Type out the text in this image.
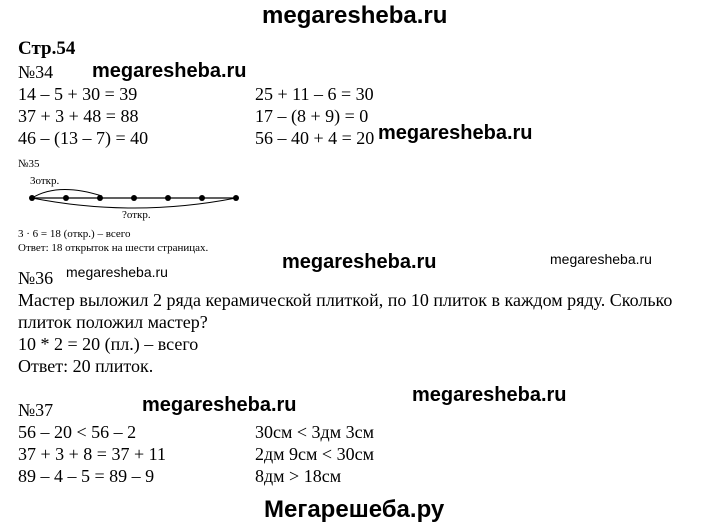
megaresheba.ru
Стр.54
№34 megaresheba.ru
14 – 5 + 30 = 39
37 + 3 + 48 = 88
46 – (13 – 7) = 40
25 + 11 – 6 = 30
17 – (8 + 9) = 0
56 – 40 + 4 = 20 megaresheba.ru
№35
3откр.
?откр.
3 · 6 = 18 (откр.) – всего
Ответ: 18 открыток на шести страницах.
megaresheba.ru	megaresheba.ru
№36 megaresheba.ru
Мастер выложил 2 ряда керамической плиткой, по 10 плиток в каждом ряду. Сколько
плиток положил мастер?
10 * 2 = 20 (пл.) – всего
Ответ: 20 плиток.
megaresheba.ru
№37	megaresheba.ru
56 – 20 < 56 – 2
37 + 3 + 8 = 37 + 11
89 – 4 – 5 = 89 – 9
30см < 3дм 3см
2дм 9см < 30см
8дм > 18см
Мегарешеба.ру
